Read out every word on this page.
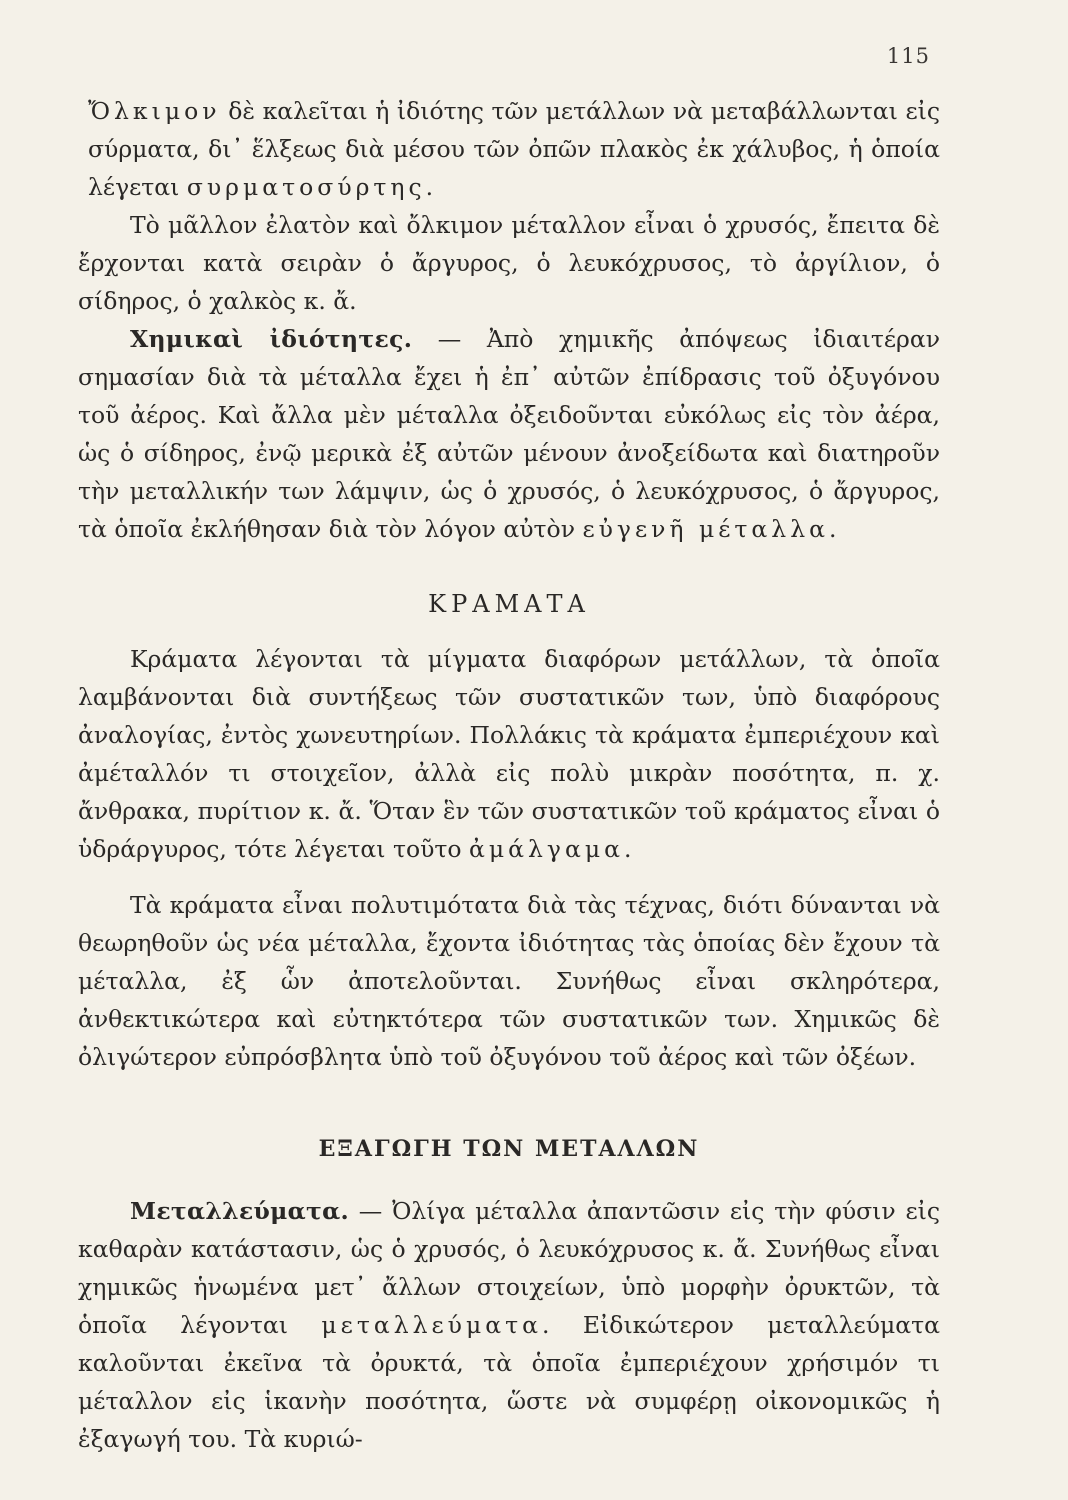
115

Ὄλκιμον δὲ καλεῖται ἡ ἰδιότης τῶν μετάλλων νὰ μεταβάλλωνται εἰς σύρματα, δι᾿ ἕλξεως διὰ μέσου τῶν ὀπῶν πλακὸς ἐκ χάλυβος, ἡ ὁποία λέγεται συρματοσύρτης.

Τὸ μᾶλλον ἐλατὸν καὶ ὄλκιμον μέταλλον εἶναι ὁ χρυσός, ἔπειτα δὲ ἔρχονται κατὰ σειρὰν ὁ ἄργυρος, ὁ λευκόχρυσος, τὸ ἀργίλιον, ὁ σίδηρος, ὁ χαλκὸς κ. ἄ.

Χημικαὶ ἰδιότητες. — Ἀπὸ χημικῆς ἀπόψεως ἰδιαιτέραν σημασίαν διὰ τὰ μέταλλα ἔχει ἡ ἐπ᾿ αὐτῶν ἐπίδρασις τοῦ ὀξυγόνου τοῦ ἀέρος. Καὶ ἄλλα μὲν μέταλλα ὀξειδοῦνται εὐκόλως εἰς τὸν ἀέρα, ὡς ὁ σίδηρος, ἐνῷ μερικὰ ἐξ αὐτῶν μένουν ἀνοξείδωτα καὶ διατηροῦν τὴν μεταλλικήν των λάμψιν, ὡς ὁ χρυσός, ὁ λευκόχρυσος, ὁ ἄργυρος, τὰ ὁποῖα ἐκλήθησαν διὰ τὸν λόγον αὐτὸν εὐγενῆ μέταλλα.

ΚΡΑΜΑΤΑ

Κράματα λέγονται τὰ μίγματα διαφόρων μετάλλων, τὰ ὁποῖα λαμβάνονται διὰ συντήξεως τῶν συστατικῶν των, ὑπὸ διαφόρους ἀναλογίας, ἐντὸς χωνευτηρίων. Πολλάκις τὰ κράματα ἐμπεριέχουν καὶ ἀμέταλλόν τι στοιχεῖον, ἀλλὰ εἰς πολὺ μικρὰν ποσότητα, π. χ. ἄνθρακα, πυρίτιον κ. ἄ. Ὅταν ἓν τῶν συστατικῶν τοῦ κράματος εἶναι ὁ ὑδράργυρος, τότε λέγεται τοῦτο ἀμάλγαμα.

Τὰ κράματα εἶναι πολυτιμότατα διὰ τὰς τέχνας, διότι δύνανται νὰ θεωρηθοῦν ὡς νέα μέταλλα, ἔχοντα ἰδιότητας τὰς ὁποίας δὲν ἔχουν τὰ μέταλλα, ἐξ ὧν ἀποτελοῦνται. Συνήθως εἶναι σκληρότερα, ἀνθεκτικώτερα καὶ εὐτηκτότερα τῶν συστατικῶν των. Χημικῶς δὲ ὀλιγώτερον εὐπρόσβλητα ὑπὸ τοῦ ὀξυγόνου τοῦ ἀέρος καὶ τῶν ὀξέων.

ΕΞΑΓΩΓΗ ΤΩΝ ΜΕΤΑΛΛΩΝ

Μεταλλεύματα. — Ὀλίγα μέταλλα ἀπαντῶσιν εἰς τὴν φύσιν εἰς καθαρὰν κατάστασιν, ὡς ὁ χρυσός, ὁ λευκόχρυσος κ. ἄ. Συνήθως εἶναι χημικῶς ἡνωμένα μετ᾿ ἄλλων στοιχείων, ὑπὸ μορφὴν ὀρυκτῶν, τὰ ὁποῖα λέγονται μεταλλεύματα. Εἰδικώτερον μεταλλεύματα καλοῦνται ἐκεῖνα τὰ ὀρυκτά, τὰ ὁποῖα ἐμπεριέχουν χρήσιμόν τι μέταλλον εἰς ἱκανὴν ποσότητα, ὥστε νὰ συμφέρῃ οἰκονομικῶς ἡ ἐξαγωγή του. Τὰ κυριώ-
